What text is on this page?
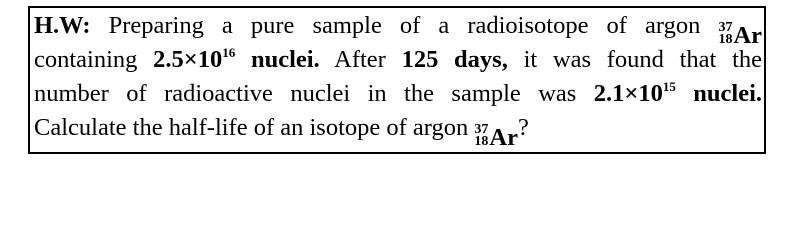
H.W: Preparing a pure sample of a radioisotope of argon 37
18 Ar
containing $2.5\times 10^{16}$ nuclei. After 125 days, it was found that the
number of radioactive nuclei in the sample was $2.1\times 10^{15}$ nuclei.
Calculate the half-life of an isotope of argon 37
18 Ar ?
